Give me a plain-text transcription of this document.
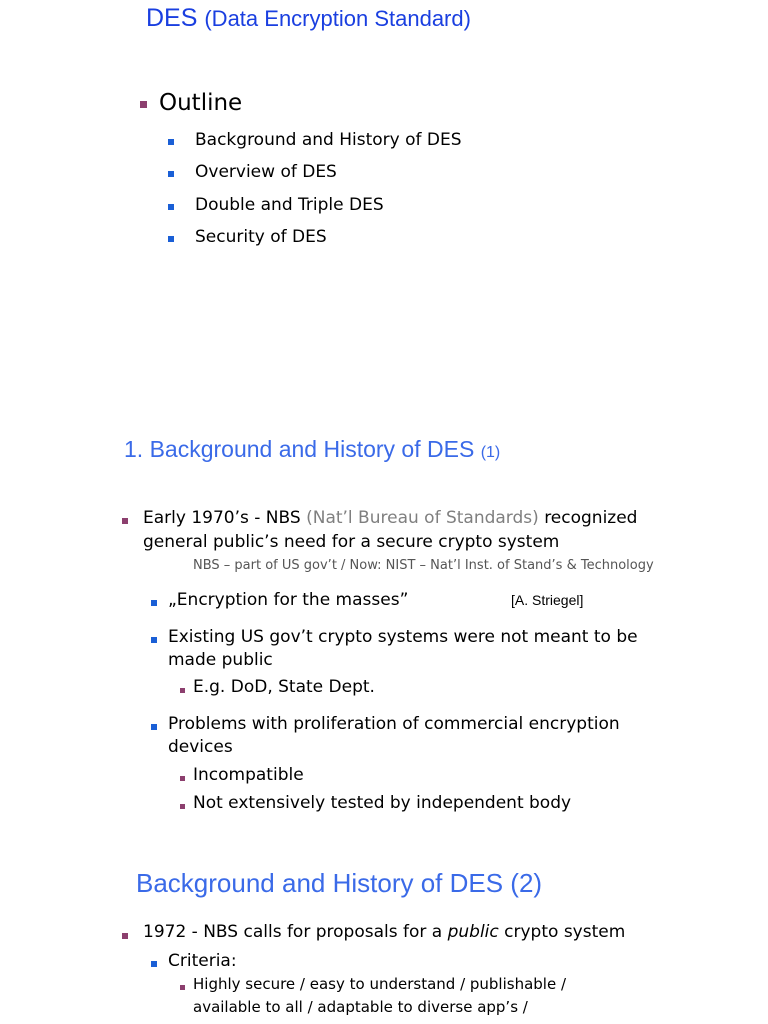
DES (Data Encryption Standard)
Outline
Background and History of DES
Overview of DES
Double and Triple DES
Security of DES
1. Background and History of DES (1)
Early 1970’s - NBS (Nat’l Bureau of Standards) recognized
general public’s need for a secure crypto system
NBS – part of US gov’t / Now: NIST – Nat’l Inst. of Stand’s & Technology
„Encryption for the masses”	[A. Striegel]
Existing US gov’t crypto systems were not meant to be
made public
E.g. DoD, State Dept.
Problems with proliferation of commercial encryption
devices
Incompatible
Not extensively tested by independent body
Background and History of DES (2)
1972 - NBS calls for proposals for a public crypto system
Criteria:
Highly secure / easy to understand / publishable /
available to all / adaptable to diverse app’s /
